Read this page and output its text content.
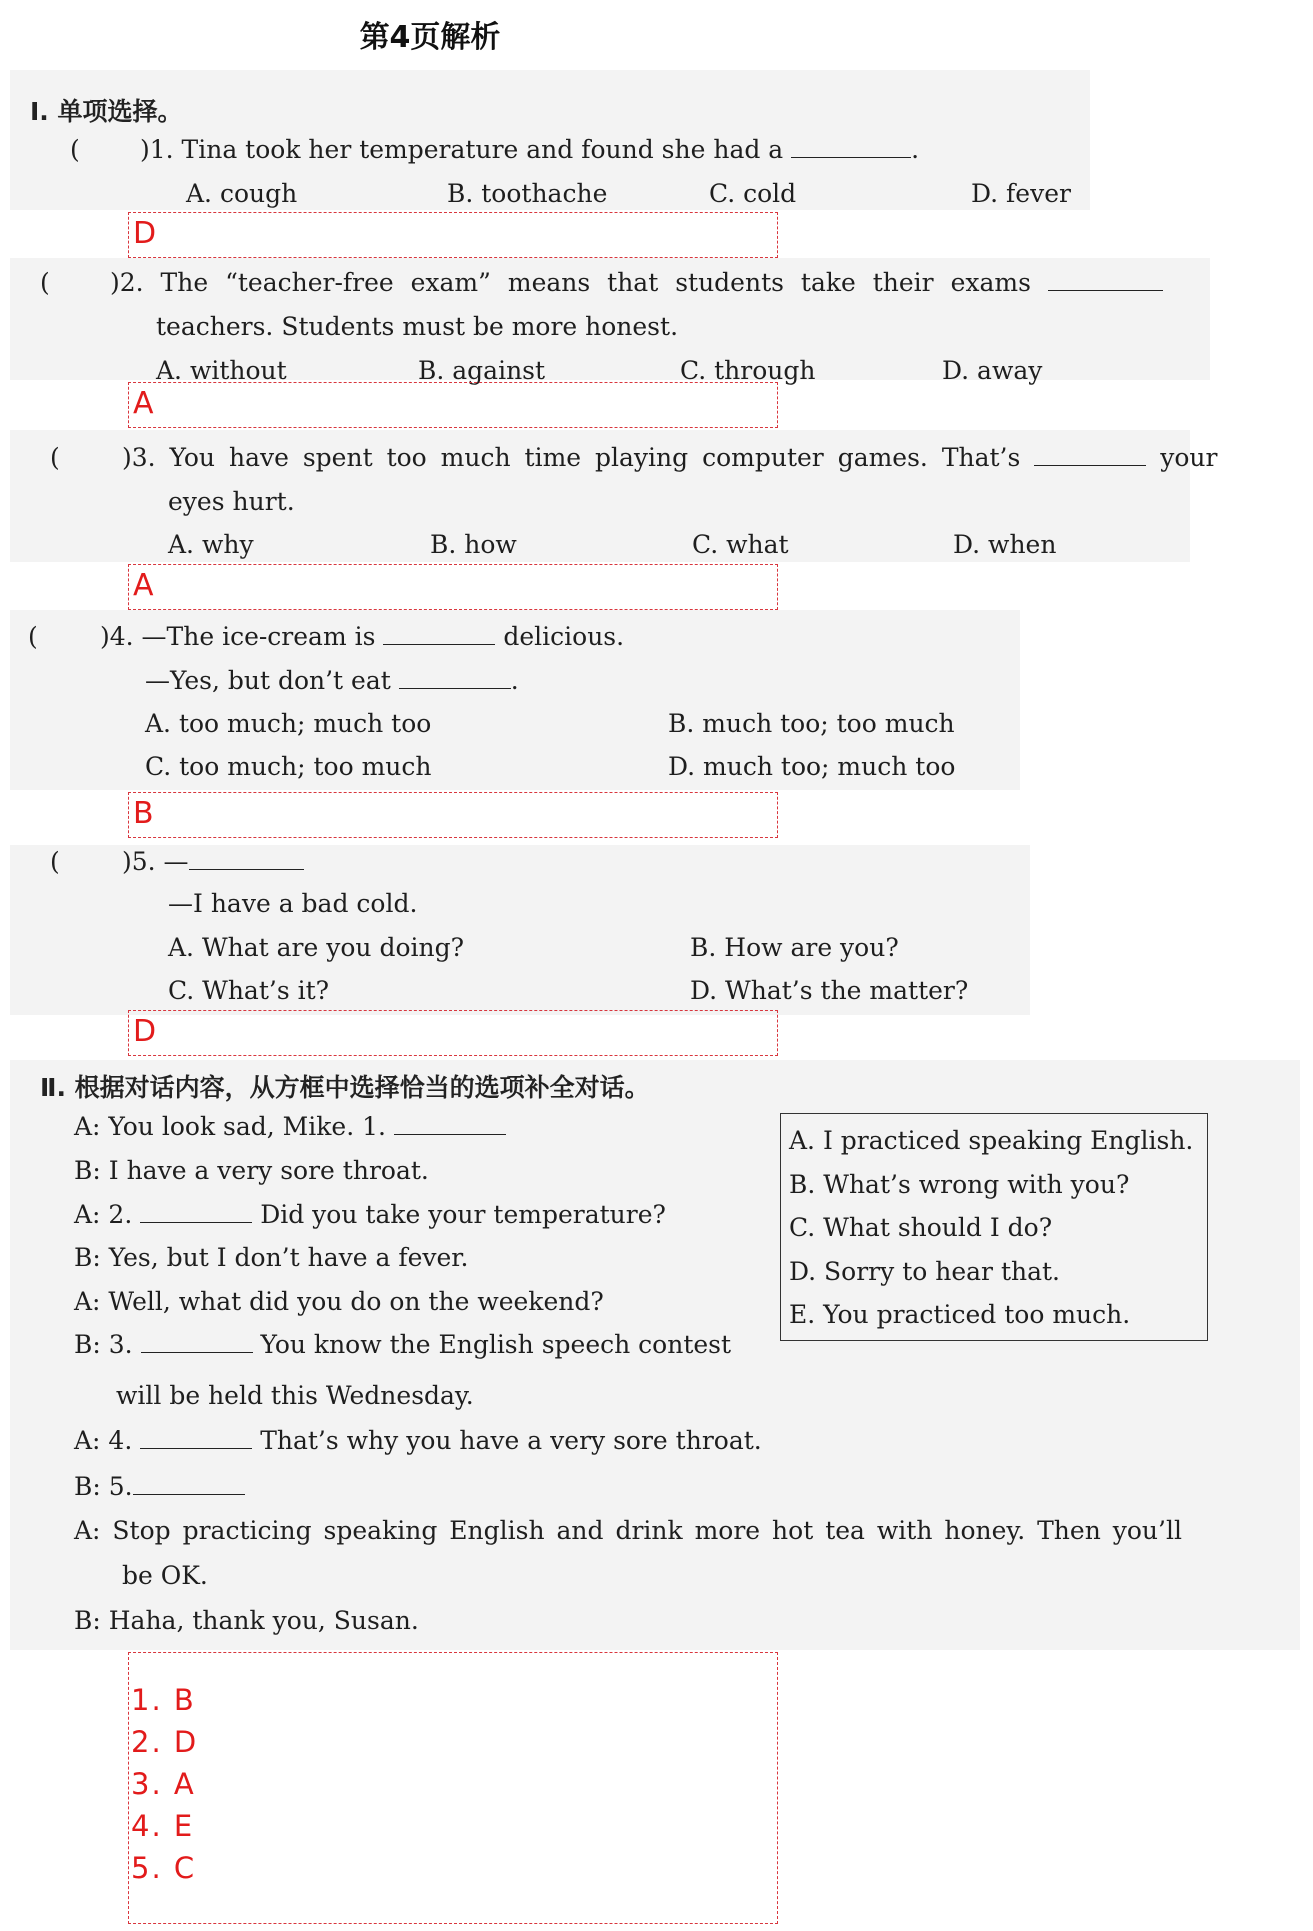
第4页解析
Ⅰ. 单项选择。
( )1. Tina took her temperature and found she had a	.
A. cough	B. toothache	C. cold	D. fever
D
( )2. The “teacher-free exam” means that students take their exams
teachers. Students must be more honest.
A. without	B. against	C. through	D. away
A
( )3. You have spent too much time playing computer games. That’s	your
eyes hurt.
A. why	B. how	C. what	D. when
A
( )4. —The ice-cream is	delicious.
—Yes, but don’t eat	.
A. too much; much too	B. much too; too much
C. too much; too much	D. much too; much too
B
( )5. —
—I have a bad cold.
A. What are you doing?	B. How are you?
C. What’s it?	D. What’s the matter?
D
Ⅱ. 根据对话内容，从方框中选择恰当的选项补全对话。
A: You look sad, Mike. 1.
B: I have a very sore throat.
A: 2.	Did you take your temperature?
B: Yes, but I don’t have a fever.
A: Well, what did you do on the weekend?
B: 3.	You know the English speech contest
will be held this Wednesday.
A: 4.	That’s why you have a very sore throat.
B: 5.
A: Stop practicing speaking English and drink more hot tea with honey. Then you’ll
be OK.
B: Haha, thank you, Susan.
A. I practiced speaking English.
B. What’s wrong with you?
C. What should I do?
D. Sorry to hear that.
E. You practiced too much.
1. B
2. D
3. A
4. E
5. C
